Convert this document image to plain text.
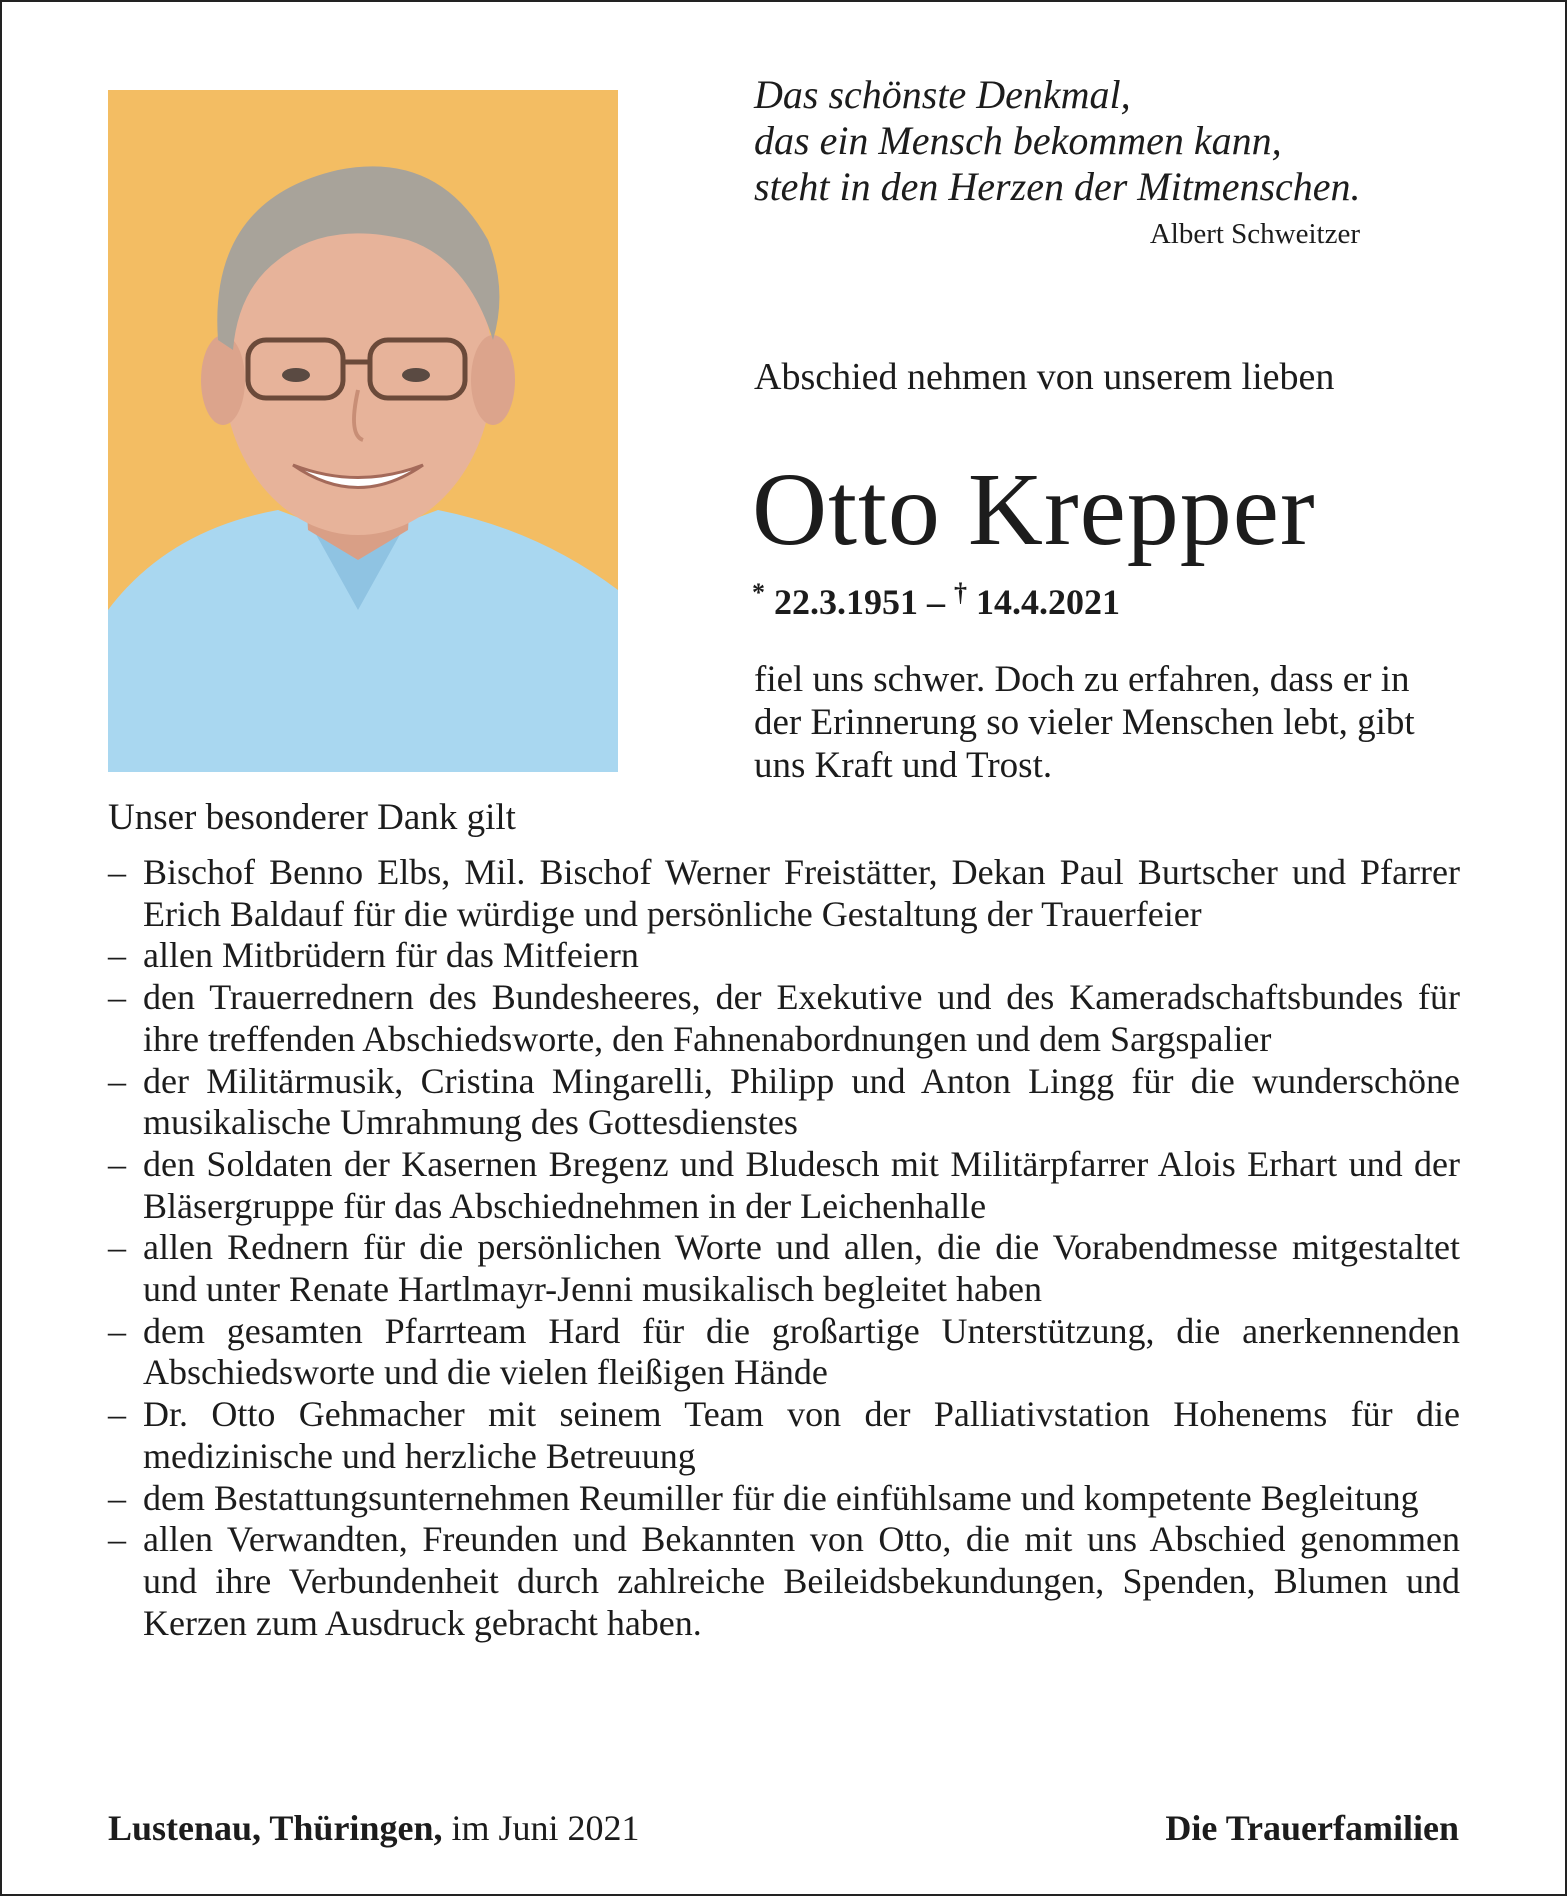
Das schönste Denkmal,
das ein Mensch bekommen kann,
steht in den Herzen der Mitmenschen.
Albert Schweitzer
Abschied nehmen von unserem lieben
Otto Krepper
* 22.3.1951 – † 14.4.2021
fiel uns schwer. Doch zu erfahren, dass er in der Erinnerung so vieler Menschen lebt, gibt uns Kraft und Trost.
Unser besonderer Dank gilt
– Bischof Benno Elbs, Mil. Bischof Werner Freistätter, Dekan Paul Burtscher und Pfarrer Erich Baldauf für die würdige und persönliche Gestaltung der Trauerfeier
– allen Mitbrüdern für das Mitfeiern
– den Trauerrednern des Bundesheeres, der Exekutive und des Kameradschaftsbundes für ihre treffenden Abschiedsworte, den Fahnenabordnungen und dem Sargspalier
– der Militärmusik, Cristina Mingarelli, Philipp und Anton Lingg für die wunderschöne musikalische Umrahmung des Gottesdienstes
– den Soldaten der Kasernen Bregenz und Bludesch mit Militärpfarrer Alois Erhart und der Bläsergruppe für das Abschiednehmen in der Leichenhalle
– allen Rednern für die persönlichen Worte und allen, die die Vorabendmesse mitgestaltet und unter Renate Hartlmayr-Jenni musikalisch begleitet haben
– dem gesamten Pfarrteam Hard für die großartige Unterstützung, die anerkennenden Abschiedsworte und die vielen fleißigen Hände
– Dr. Otto Gehmacher mit seinem Team von der Palliativstation Hohenems für die medizinische und herzliche Betreuung
– dem Bestattungsunternehmen Reumiller für die einfühlsame und kompetente Begleitung
– allen Verwandten, Freunden und Bekannten von Otto, die mit uns Abschied genommen und ihre Verbundenheit durch zahlreiche Beileidsbekundungen, Spenden, Blumen und Kerzen zum Ausdruck gebracht haben.
Lustenau, Thüringen, im Juni 2021	Die Trauerfamilien
